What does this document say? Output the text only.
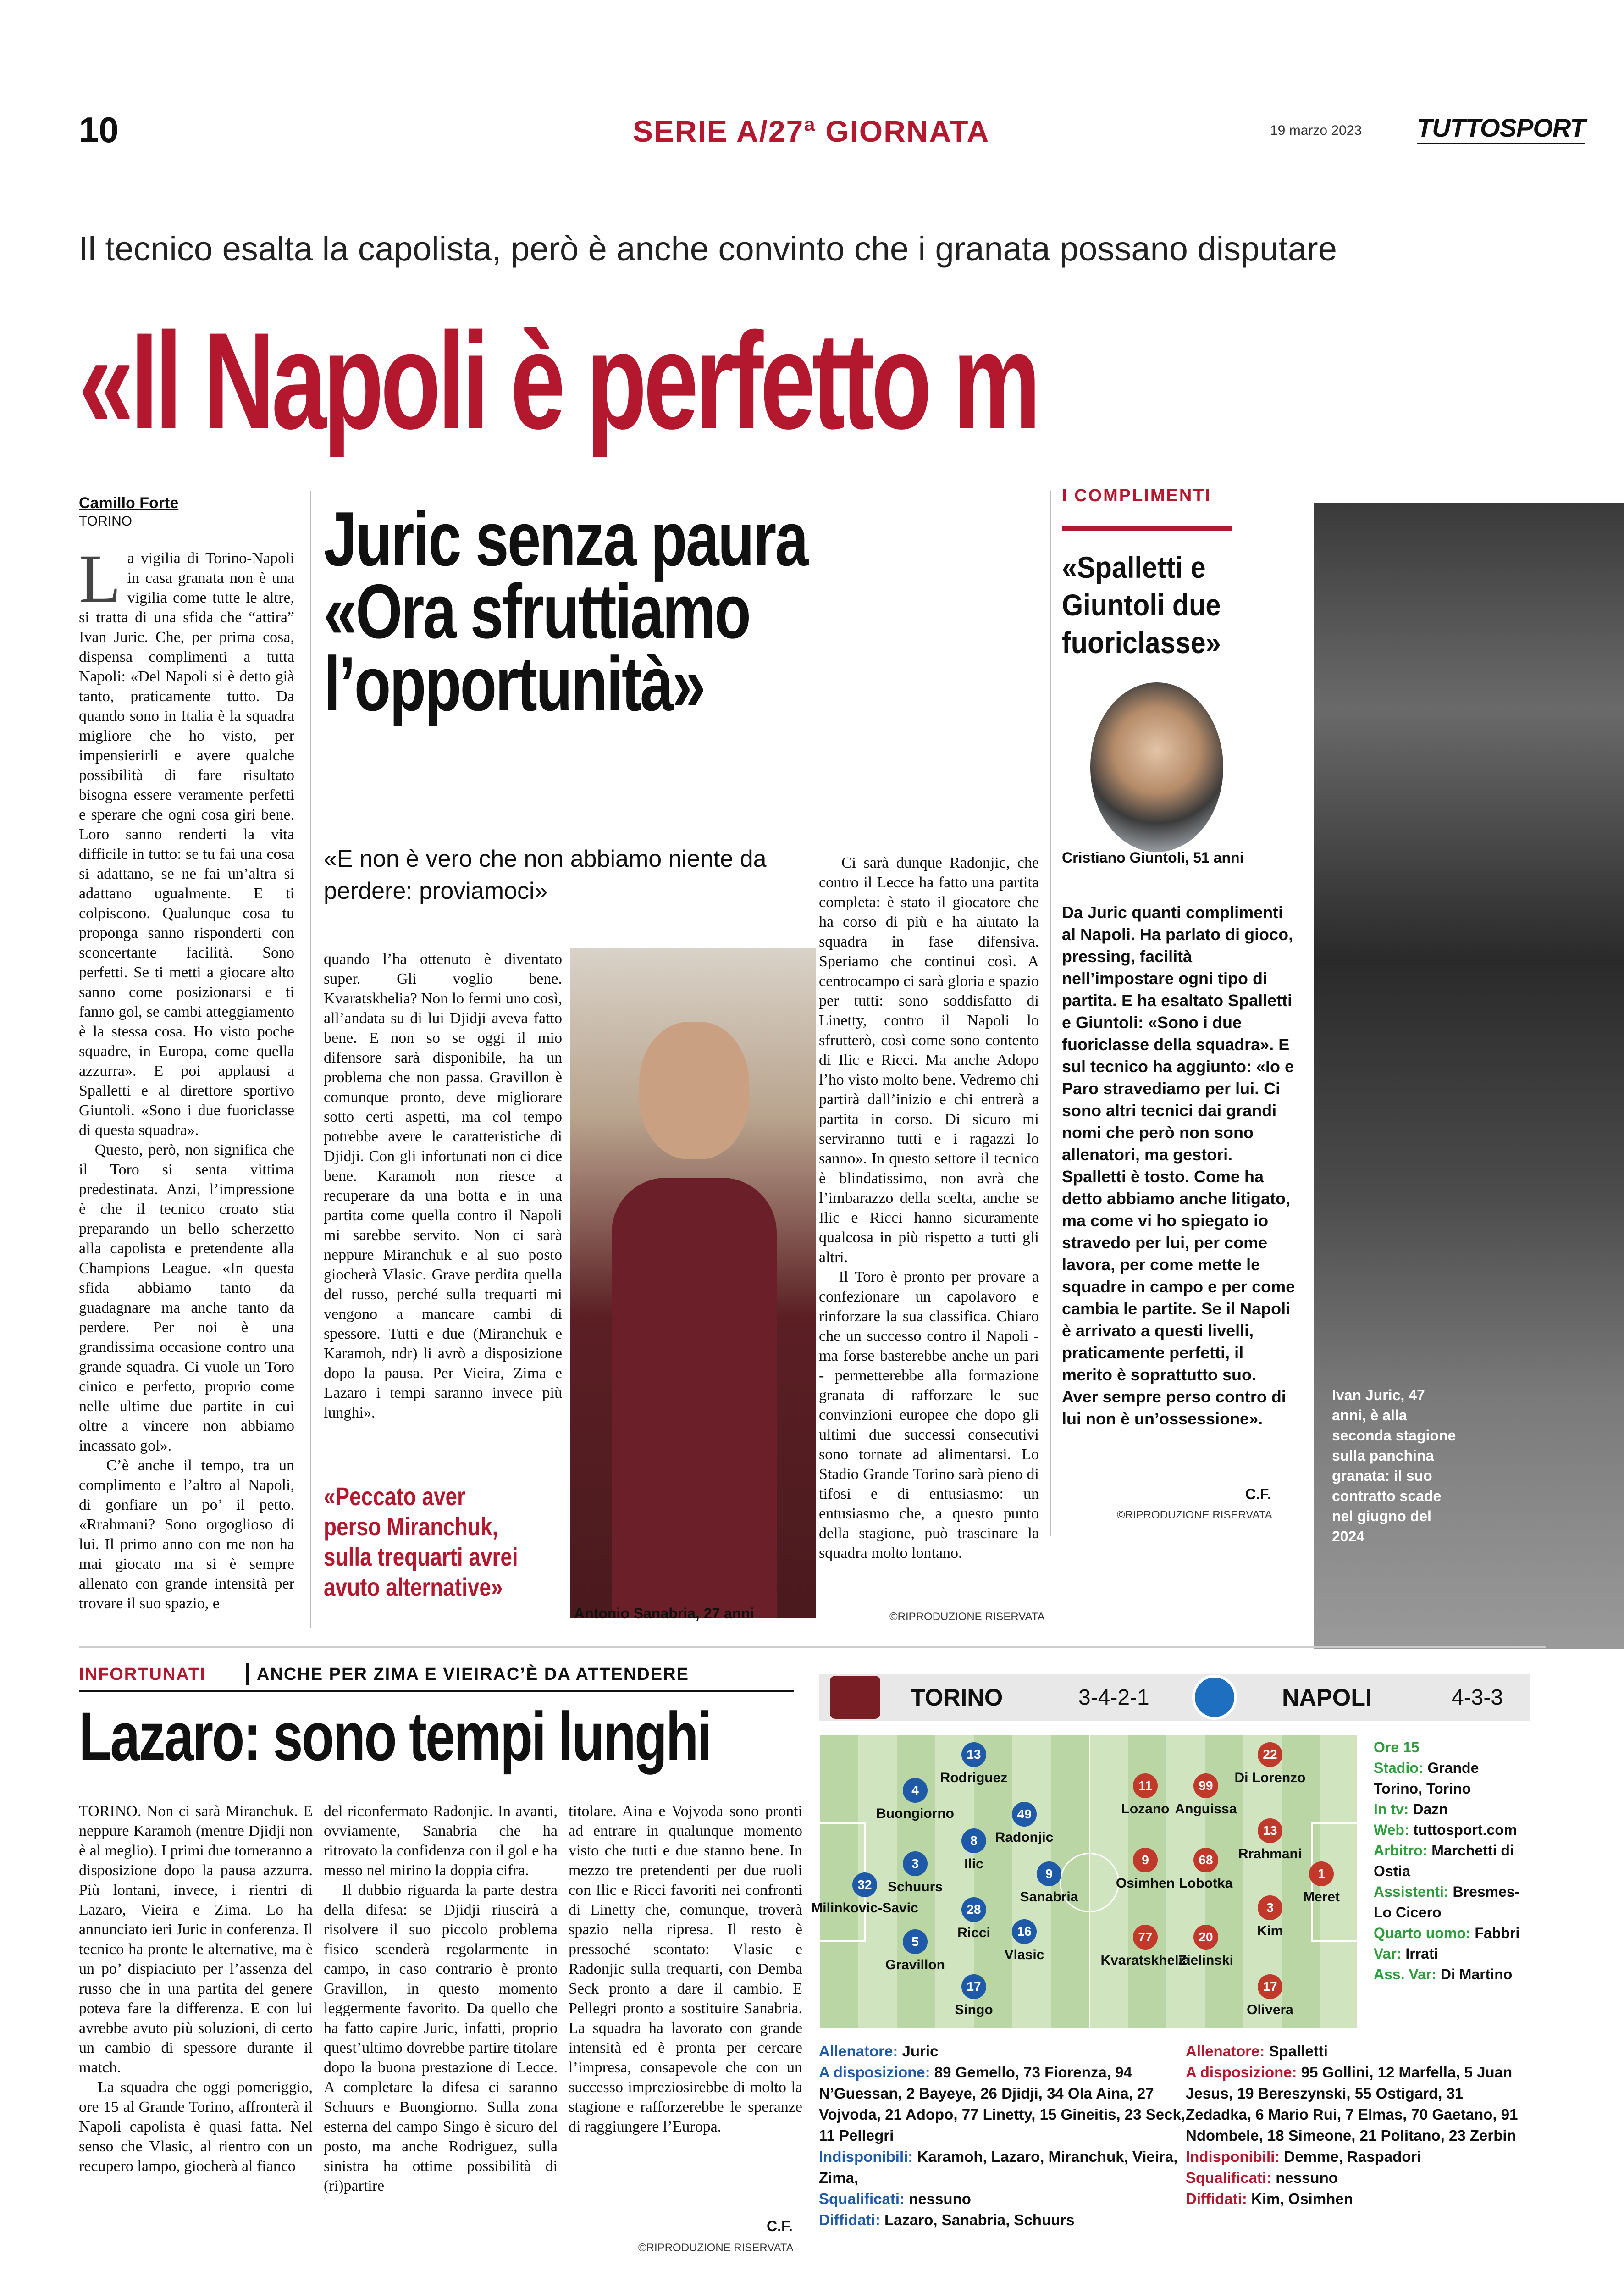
10	SERIE A/27ª GIORNATA	19 marzo 2023 TUTTOSPORT
Il tecnico esalta la capolista, però è anche convinto che i granata possano disputare
«Il Napoli è perfetto m
Ivan Juric, 47 anni, è alla seconda stagione sulla panchina granata: il suo contratto scade nel giugno del 2024
Camillo Forte
TORINO
La vigilia di Torino-Napoli in casa granata non è una vigilia come tutte le altre, si tratta di una sfida che “attira” Ivan Juric. Che, per prima cosa, dispensa complimenti a tutta Napoli: «Del Napoli si è detto già tanto, praticamente tutto. Da quando sono in Italia è la squadra migliore che ho visto, per impensierirli e avere qualche possibilità di fare risultato bisogna essere veramente perfetti e sperare che ogni cosa giri bene. Loro sanno renderti la vita difficile in tutto: se tu fai una cosa si adattano, se ne fai un’altra si adattano ugualmente. E ti colpiscono. Qualunque cosa tu proponga sanno risponderti con sconcertante facilità. Sono perfetti. Se ti metti a giocare alto sanno come posizionarsi e ti fanno gol, se cambi atteggiamento è la stessa cosa. Ho visto poche squadre, in Europa, come quella azzurra». E poi applausi a Spalletti e al direttore sportivo Giuntoli. «Sono i due fuoriclasse di questa squadra».
Questo, però, non significa che il Toro si senta vittima predestinata. Anzi, l’impressione è che il tecnico croato stia preparando un bello scherzetto alla capolista e pretendente alla Champions League. «In questa sfida abbiamo tanto da guadagnare ma anche tanto da perdere. Per noi è una grandissima occasione contro una grande squadra. Ci vuole un Toro cinico e perfetto, proprio come nelle ultime due partite in cui oltre a vincere non abbiamo incassato gol».
C’è anche il tempo, tra un complimento e l’altro al Napoli, di gonfiare un po’ il petto. «Rrahmani? Sono orgoglioso di lui. Il primo anno con me non ha mai giocato ma si è sempre allenato con grande intensità per trovare il suo spazio, e
Juric senza paura «Ora sfruttiamo l’opportunità»
«E non è vero che non abbiamo niente da perdere: proviamoci»
quando l’ha ottenuto è diventato super. Gli voglio bene. Kvaratskhelia? Non lo fermi uno così, all’andata su di lui Djidji aveva fatto bene. E non so se oggi il mio difensore sarà disponibile, ha un problema che non passa. Gravillon è comunque pronto, deve migliorare sotto certi aspetti, ma col tempo potrebbe avere le caratteristiche di Djidji. Con gli infortunati non ci dice bene. Karamoh non riesce a recuperare da una botta e in una partita come quella contro il Napoli mi sarebbe servito. Non ci sarà neppure Miranchuk e al suo posto giocherà Vlasic. Grave perdita quella del russo, perché sulla trequarti mi vengono a mancare cambi di spessore. Tutti e due (Miranchuk e Karamoh, ndr) li avrò a disposizione dopo la pausa. Per Vieira, Zima e Lazaro i tempi saranno invece più lunghi».
Antonio Sanabria, 27 anni
«Peccato aver perso Miranchuk, sulla trequarti avrei avuto alternative»
Ci sarà dunque Radonjic, che contro il Lecce ha fatto una partita completa: è stato il giocatore che ha corso di più e ha aiutato la squadra in fase difensiva. Speriamo che continui così. A centrocampo ci sarà gloria e spazio per tutti: sono soddisfatto di Linetty, contro il Napoli lo sfrutterò, così come sono contento di Ilic e Ricci. Ma anche Adopo l’ho visto molto bene. Vedremo chi partirà dall’inizio e chi entrerà a partita in corso. Di sicuro mi serviranno tutti e i ragazzi lo sanno». In questo settore il tecnico è blindatissimo, non avrà che l’imbarazzo della scelta, anche se Ilic e Ricci hanno sicuramente qualcosa in più rispetto a tutti gli altri.
Il Toro è pronto per provare a confezionare un capolavoro e rinforzare la sua classifica. Chiaro che un successo contro il Napoli - ma forse basterebbe anche un pari - permetterebbe alla formazione granata di rafforzare le sue convinzioni europee che dopo gli ultimi due successi consecutivi sono tornate ad alimentarsi. Lo Stadio Grande Torino sarà pieno di tifosi e di entusiasmo: un entusiasmo che, a questo punto della stagione, può trascinare la squadra molto lontano.
©RIPRODUZIONE RISERVATA
I COMPLIMENTI
«Spalletti e Giuntoli due fuoriclasse»
Cristiano Giuntoli, 51 anni
Da Juric quanti complimenti al Napoli. Ha parlato di gioco, pressing, facilità nell’impostare ogni tipo di partita. E ha esaltato Spalletti e Giuntoli: «Sono i due fuoriclasse della squadra». E sul tecnico ha aggiunto: «Io e Paro stravediamo per lui. Ci sono altri tecnici dai grandi nomi che però non sono allenatori, ma gestori. Spalletti è tosto. Come ha detto abbiamo anche litigato, ma come vi ho spiegato io stravedo per lui, per come lavora, per come mette le squadre in campo e per come cambia le partite. Se il Napoli è arrivato a questi livelli, praticamente perfetti, il merito è soprattutto suo. Aver sempre perso contro di lui non è un’ossessione».
C.F.
©RIPRODUZIONE RISERVATA
INFORTUNATI	ANCHE PER ZIMA E VIEIRAC’È DA ATTENDERE
Lazaro: sono tempi lunghi
TORINO. Non ci sarà Miranchuk. E neppure Karamoh (mentre Djidji non è al meglio). I primi due torneranno a disposizione dopo la pausa azzurra. Più lontani, invece, i rientri di Lazaro, Vieira e Zima. Lo ha annunciato ieri Juric in conferenza. Il tecnico ha pronte le alternative, ma è un po’ dispiaciuto per l’assenza del russo che in una partita del genere poteva fare la differenza. E con lui avrebbe avuto più soluzioni, di certo un cambio di spessore durante il match.
La squadra che oggi pomeriggio, ore 15 al Grande Torino, affronterà il Napoli capolista è quasi fatta. Nel senso che Vlasic, al rientro con un recupero lampo, giocherà al fianco
del riconfermato Radonjic. In avanti, ovviamente, Sanabria che ha ritrovato la confidenza con il gol e ha messo nel mirino la doppia cifra.
Il dubbio riguarda la parte destra della difesa: se Djidji riuscirà a risolvere il suo piccolo problema fisico scenderà regolarmente in campo, in caso contrario è pronto Gravillon, in questo momento leggermente favorito. Da quello che ha fatto capire Juric, infatti, proprio quest’ultimo dovrebbe partire titolare dopo la buona prestazione di Lecce. A completare la difesa ci saranno Schuurs e Buongiorno. Sulla zona esterna del campo Singo è sicuro del posto, ma anche Rodriguez, sulla sinistra ha ottime possibilità di (ri)partire
titolare. Aina e Vojvoda sono pronti ad entrare in qualunque momento visto che tutti e due stanno bene. In mezzo tre pretendenti per due ruoli con Ilic e Ricci favoriti nei confronti di Linetty che, comunque, troverà spazio nella ripresa. Il resto è pressoché scontato: Vlasic e Radonjic sulla trequarti, con Demba Seck pronto a dare il cambio. E Pellegri pronto a sostituire Sanabria. La squadra ha lavorato con grande intensità ed è pronta per cercare l’impresa, consapevole che con un successo impreziosirebbe di molto la stagione e rafforzerebbe le speranze di raggiungere l’Europa.
C.F.
©RIPRODUZIONE RISERVATA
TORINO	3-4-2-1	NAPOLI	4-3-3
32
Milinkovic-Savic
4
Buongiorno
3
Schuurs
5
Gravillon
13
Rodriguez
8
Ilic
28
Ricci
17
Singo
49
Radonjic
16
Vlasic
9
Sanabria
1
Meret
22
Di Lorenzo
13
Rrahmani
3
Kim
17
Olivera
99
Anguissa
68
Lobotka
20
Zielinski
11
Lozano
9
Osimhen
77
Kvaratskhelia
Ore 15
Stadio: Grande Torino, Torino
In tv: Dazn
Web: tuttosport.com
Arbitro: Marchetti di Ostia
Assistenti: Bresmes-Lo Cicero
Quarto uomo: Fabbri
Var: Irrati
Ass. Var: Di Martino
Allenatore: Juric
A disposizione: 89 Gemello, 73 Fiorenza, 94 N’Guessan, 2 Bayeye, 26 Djidji, 34 Ola Aina, 27 Vojvoda, 21 Adopo, 77 Linetty, 15 Gineitis, 23 Seck, 11 Pellegri
Indisponibili: Karamoh, Lazaro, Miranchuk, Vieira, Zima,
Squalificati: nessuno
Diffidati: Lazaro, Sanabria, Schuurs
Allenatore: Spalletti
A disposizione: 95 Gollini, 12 Marfella, 5 Juan Jesus, 19 Bereszynski, 55 Ostigard, 31 Zedadka, 6 Mario Rui, 7 Elmas, 70 Gaetano, 91 Ndombele, 18 Simeone, 21 Politano, 23 Zerbin
Indisponibili: Demme, Raspadori
Squalificati: nessuno
Diffidati: Kim, Osimhen
